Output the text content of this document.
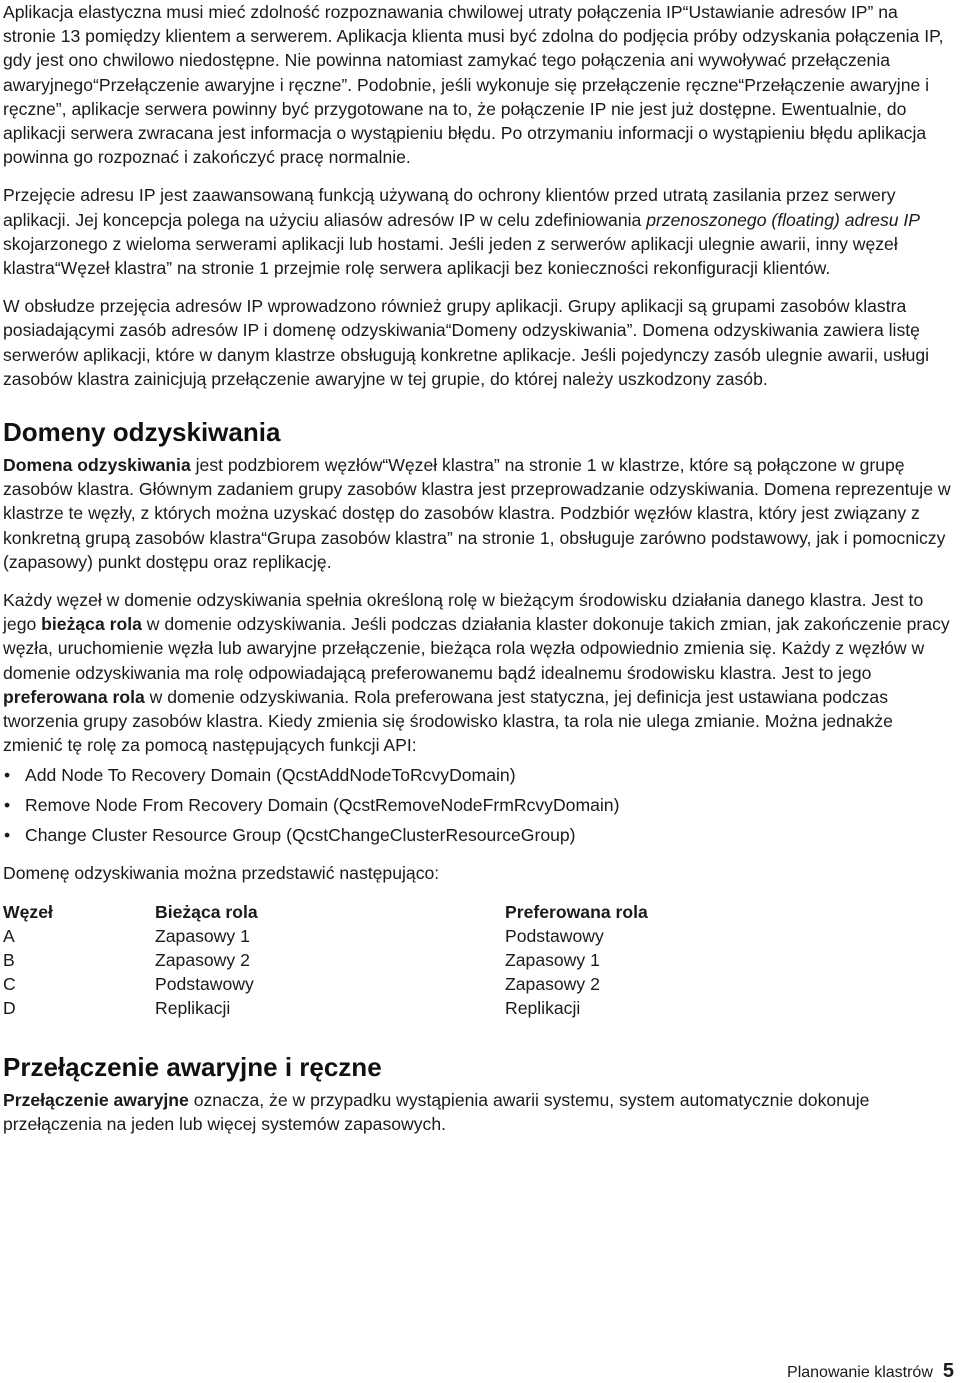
Aplikacja elastyczna musi mieć zdolność rozpoznawania chwilowej utraty połączenia IP“Ustawianie adresów IP” na stronie 13 pomiędzy klientem a serwerem. Aplikacja klienta musi być zdolna do podjęcia próby odzyskania połączenia IP, gdy jest ono chwilowo niedostępne. Nie powinna natomiast zamykać tego połączenia ani wywoływać przełączenia awaryjnego“Przełączenie awaryjne i ręczne”. Podobnie, jeśli wykonuje się przełączenie ręczne“Przełączenie awaryjne i ręczne”, aplikacje serwera powinny być przygotowane na to, że połączenie IP nie jest już dostępne. Ewentualnie, do aplikacji serwera zwracana jest informacja o wystąpieniu błędu. Po otrzymaniu informacji o wystąpieniu błędu aplikacja powinna go rozpoznać i zakończyć pracę normalnie.

Przejęcie adresu IP jest zaawansowaną funkcją używaną do ochrony klientów przed utratą zasilania przez serwery aplikacji. Jej koncepcja polega na użyciu aliasów adresów IP w celu zdefiniowania przenoszonego (floating) adresu IP skojarzonego z wieloma serwerami aplikacji lub hostami. Jeśli jeden z serwerów aplikacji ulegnie awarii, inny węzeł klastra“Węzeł klastra” na stronie 1 przejmie rolę serwera aplikacji bez konieczności rekonfiguracji klientów.

W obsłudze przejęcia adresów IP wprowadzono również grupy aplikacji. Grupy aplikacji są grupami zasobów klastra posiadającymi zasób adresów IP i domenę odzyskiwania“Domeny odzyskiwania”. Domena odzyskiwania zawiera listę serwerów aplikacji, które w danym klastrze obsługują konkretne aplikacje. Jeśli pojedynczy zasób ulegnie awarii, usługi zasobów klastra zainicjują przełączenie awaryjne w tej grupie, do której należy uszkodzony zasób.

Domeny odzyskiwania

Domena odzyskiwania jest podzbiorem węzłów“Węzeł klastra” na stronie 1 w klastrze, które są połączone w grupę zasobów klastra. Głównym zadaniem grupy zasobów klastra jest przeprowadzanie odzyskiwania. Domena reprezentuje w klastrze te węzły, z których można uzyskać dostęp do zasobów klastra. Podzbiór węzłów klastra, który jest związany z konkretną grupą zasobów klastra“Grupa zasobów klastra” na stronie 1, obsługuje zarówno podstawowy, jak i pomocniczy (zapasowy) punkt dostępu oraz replikację.

Każdy węzeł w domenie odzyskiwania spełnia określoną rolę w bieżącym środowisku działania danego klastra. Jest to jego bieżąca rola w domenie odzyskiwania. Jeśli podczas działania klaster dokonuje takich zmian, jak zakończenie pracy węzła, uruchomienie węzła lub awaryjne przełączenie, bieżąca rola węzła odpowiednio zmienia się. Każdy z węzłów w domenie odzyskiwania ma rolę odpowiadającą preferowanemu bądź idealnemu środowisku klastra. Jest to jego preferowana rola w domenie odzyskiwania. Rola preferowana jest statyczna, jej definicja jest ustawiana podczas tworzenia grupy zasobów klastra. Kiedy zmienia się środowisko klastra, ta rola nie ulega zmianie. Można jednakże zmienić tę rolę za pomocą następujących funkcji API:

• Add Node To Recovery Domain (QcstAddNodeToRcvyDomain)
• Remove Node From Recovery Domain (QcstRemoveNodeFrmRcvyDomain)
• Change Cluster Resource Group (QcstChangeClusterResourceGroup)

Domenę odzyskiwania można przedstawić następująco:

Węzeł	Bieżąca rola	Preferowana rola
A	Zapasowy 1	Podstawowy
B	Zapasowy 2	Zapasowy 1
C	Podstawowy	Zapasowy 2
D	Replikacji	Replikacji
Przełączenie awaryjne i ręczne

Przełączenie awaryjne oznacza, że w przypadku wystąpienia awarii systemu, system automatycznie dokonuje przełączenia na jeden lub więcej systemów zapasowych.

Planowanie klastrów 5
